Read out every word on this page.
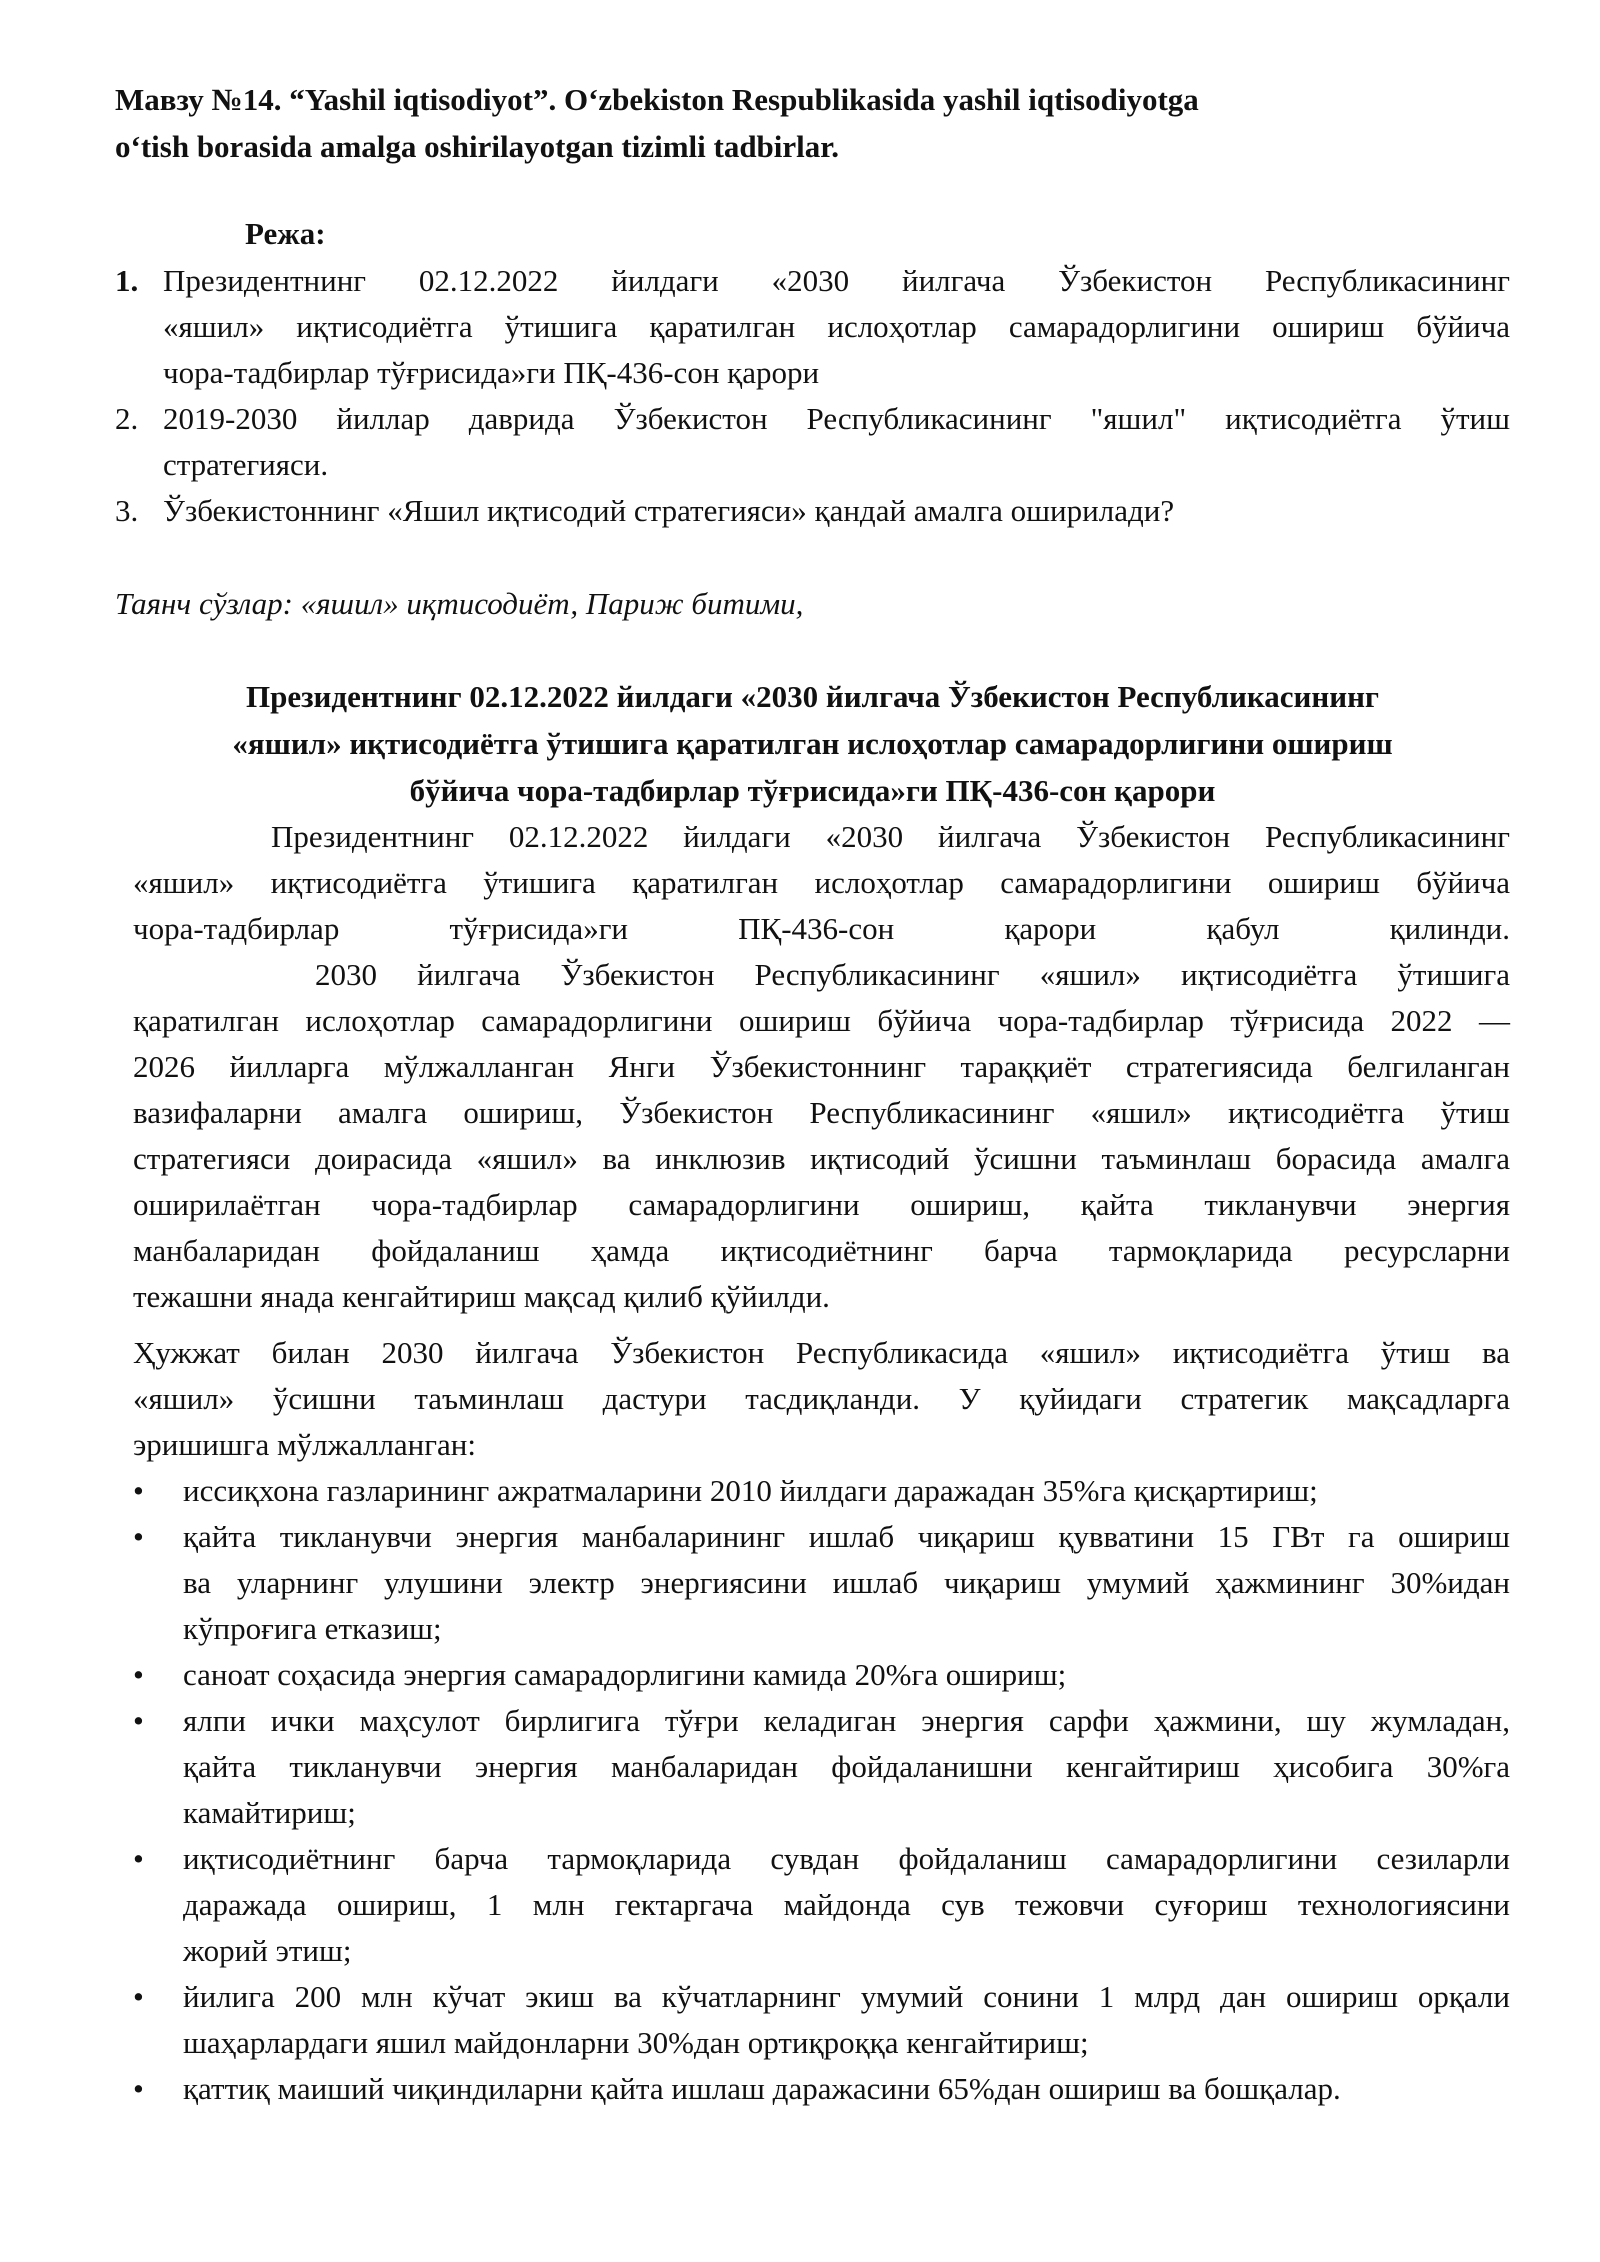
Мавзу №14. “Yashil iqtisodiyot”. Oʻzbekiston Respublikasida yashil iqtisodiyotga
oʻtish borasida amalga oshirilayotgan tizimli tadbirlar.
Режа:
1. Президентнинг 02.12.2022 йилдаги «2030 йилгача Ўзбекистон Республикасининг
«яшил» иқтисодиётга ўтишига қаратилган ислоҳотлар самарадорлигини ошириш бўйича
чора-тадбирлар тўғрисида»ги ПҚ-436-сон қарори
2. 2019-2030 йиллар даврида Ўзбекистон Республикасининг "яшил" иқтисодиётга ўтиш
стратегияси.
3. Ўзбекистоннинг «Яшил иқтисодий стратегияси» қандай амалга оширилади?
Таянч сўзлар: «яшил» иқтисодиёт, Париж битими,
Президентнинг 02.12.2022 йилдаги «2030 йилгача Ўзбекистон Республикасининг
«яшил» иқтисодиётга ўтишига қаратилган ислоҳотлар самарадорлигини ошириш
бўйича чора-тадбирлар тўғрисида»ги ПҚ-436-сон қарори
Президентнинг 02.12.2022 йилдаги «2030 йилгача Ўзбекистон Республикасининг
«яшил» иқтисодиётга ўтишига қаратилган ислоҳотлар самарадорлигини ошириш бўйича
чора-тадбирлар тўғрисида»ги ПҚ-436-сон қарори қабул қилинди.
2030 йилгача Ўзбекистон Республикасининг «яшил» иқтисодиётга ўтишига
қаратилган ислоҳотлар самарадорлигини ошириш бўйича чора-тадбирлар тўғрисида 2022 —
2026 йилларга мўлжалланган Янги Ўзбекистоннинг тараққиёт стратегиясида белгиланган
вазифаларни амалга ошириш, Ўзбекистон Республикасининг «яшил» иқтисодиётга ўтиш
стратегияси доирасида «яшил» ва инклюзив иқтисодий ўсишни таъминлаш борасида амалга
оширилаётган чора-тадбирлар самарадорлигини ошириш, қайта тикланувчи энергия
манбаларидан фойдаланиш ҳамда иқтисодиётнинг барча тармоқларида ресурсларни
тежашни янада кенгайтириш мақсад қилиб қўйилди.
Ҳужжат билан 2030 йилгача Ўзбекистон Республикасида «яшил» иқтисодиётга ўтиш ва
«яшил» ўсишни таъминлаш дастури тасдиқланди. У қуйидаги стратегик мақсадларга
эришишга мўлжалланган:
• иссиқхона газларининг ажратмаларини 2010 йилдаги даражадан 35%га қисқартириш;
• қайта тикланувчи энергия манбаларининг ишлаб чиқариш қувватини 15 ГВт га ошириш
ва уларнинг улушини электр энергиясини ишлаб чиқариш умумий ҳажмининг 30%идан
кўпроғига етказиш;
• саноат соҳасида энергия самарадорлигини камида 20%га ошириш;
• ялпи ички маҳсулот бирлигига тўғри келадиган энергия сарфи ҳажмини, шу жумладан,
қайта тикланувчи энергия манбаларидан фойдаланишни кенгайтириш ҳисобига 30%га
камайтириш;
• иқтисодиётнинг барча тармоқларида сувдан фойдаланиш самарадорлигини сезиларли
даражада ошириш, 1 млн гектаргача майдонда сув тежовчи суғориш технологиясини
жорий этиш;
• йилига 200 млн кўчат экиш ва кўчатларнинг умумий сонини 1 млрд дан ошириш орқали
шаҳарлардаги яшил майдонларни 30%дан ортиқроққа кенгайтириш;
• қаттиқ маиший чиқиндиларни қайта ишлаш даражасини 65%дан ошириш ва бошқалар.
